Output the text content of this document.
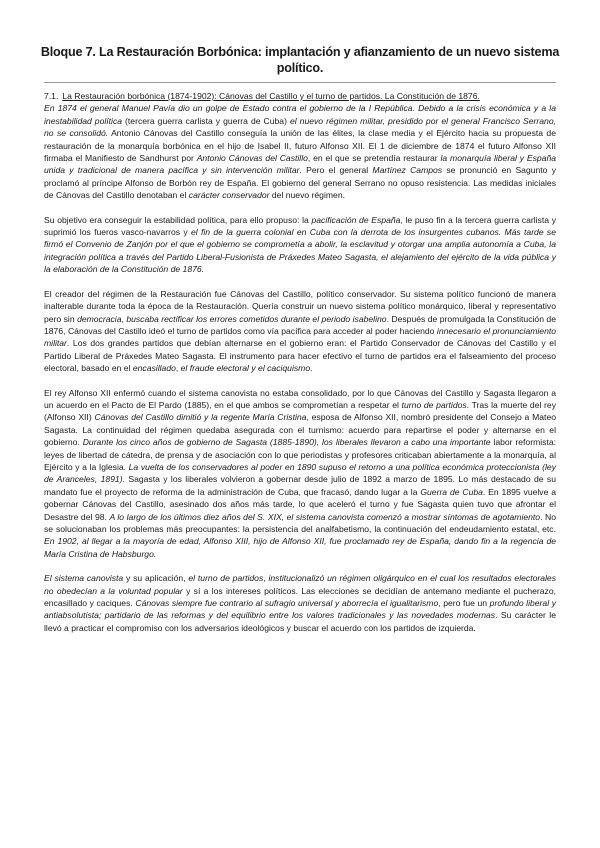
Bloque 7. La Restauración Borbónica: implantación y afianzamiento de un nuevo sistema político.

7.1. La Restauración borbónica (1874-1902): Cánovas del Castillo y el turno de partidos. La Constitución de 1876.

En 1874 el general Manuel Pavía dio un golpe de Estado contra el gobierno de la I República. Debido a la crisis económica y a la inestabilidad política (tercera guerra carlista y guerra de Cuba) el nuevo régimen militar, presidido por el general Francisco Serrano, no se consolidó. Antonio Cánovas del Castillo conseguía la unión de las élites, la clase media y el Ejército hacia su propuesta de restauración de la monarquía borbónica en el hijo de Isabel II, futuro Alfonso XII. El 1 de diciembre de 1874 el futuro Alfonso XII firmaba el Manifiesto de Sandhurst por Antonio Cánovas del Castillo, en el que se pretendía restaurar la monarquía liberal y España unida y tradicional de manera pacífica y sin intervención militar. Pero el general Martínez Campos se pronunció en Sagunto y proclamó al príncipe Alfonso de Borbón rey de España. El gobierno del general Serrano no opuso resistencia. Las medidas iniciales de Cánovas del Castillo denotaban el carácter conservador del nuevo régimen.

Su objetivo era conseguir la estabilidad política, para ello propuso: la pacificación de España, le puso fin a la tercera guerra carlista y suprimió los fueros vasco-navarros y el fin de la guerra colonial en Cuba con la derrota de los insurgentes cubanos. Más tarde se firmó el Convenio de Zanjón por el que el gobierno se comprometía a abolir, la esclavitud y otorgar una amplia autonomía a Cuba, la integración política a través del Partido Liberal-Fusionista de Práxedes Mateo Sagasta, el alejamiento del ejército de la vida pública y la elaboración de la Constitución de 1876.

El creador del régimen de la Restauración fue Cánovas del Castillo, político conservador. Su sistema político funcionó de manera inalterable durante toda la época de la Restauración. Quería construir un nuevo sistema político monárquico, liberal y representativo pero sin democracia, buscaba rectificar los errores cometidos durante el periodo isabelino. Después de promulgada la Constitución de 1876, Cánovas del Castillo ideó el turno de partidos como vía pacífica para acceder al poder haciendo innecesario el pronunciamiento militar. Los dos grandes partidos que debían alternarse en el gobierno eran: el Partido Conservador de Cánovas del Castillo y el Partido Liberal de Práxedes Mateo Sagasta. El instrumento para hacer efectivo el turno de partidos era el falseamiento del proceso electoral, basado en el encasillado, el fraude electoral y el caciquismo.

El rey Alfonso XII enfermó cuando el sistema canovista no estaba consolidado, por lo que Cánovas del Castillo y Sagasta llegaron a un acuerdo en el Pacto de El Pardo (1885), en el que ambos se comprometían a respetar el turno de partidos. Tras la muerte del rey (Alfonso XII) Cánovas del Castillo dimitió y la regente María Cristina, esposa de Alfonso XII, nombró presidente del Consejo a Mateo Sagasta. La continuidad del régimen quedaba asegurada con el turnismo: acuerdo para repartirse el poder y alternarse en el gobierno. Durante los cinco años de gobierno de Sagasta (1885-1890), los liberales llevaron a cabo una importante labor reformista: leyes de libertad de cátedra, de prensa y de asociación con lo que periodistas y profesores criticaban abiertamente a la monarquía, al Ejército y a la Iglesia. La vuelta de los conservadores al poder en 1890 supuso el retorno a una política económica proteccionista (ley de Aranceles, 1891). Sagasta y los liberales volvieron a gobernar desde julio de 1892 a marzo de 1895. Lo más destacado de su mandato fue el proyecto de reforma de la administración de Cuba, que fracasó, dando lugar a la Guerra de Cuba. En 1895 vuelve a gobernar Cánovas del Castillo, asesinado dos años más tarde, lo que aceleró el turno y fue Sagasta quien tuvo que afrontar el Desastre del 98. A lo largo de los últimos diez años del S. XIX, el sistema canovista comenzó a mostrar síntomas de agotamiento. No se solucionaban los problemas más preocupantes: la persistencia del analfabetismo, la continuación del endeudamiento estatal, etc. En 1902, al llegar a la mayoría de edad, Alfonso XIII, hijo de Alfonso XII, fue proclamado rey de España, dando fin a la regencia de María Cristina de Habsburgo.

El sistema canovista y su aplicación, el turno de partidos, institucionalizó un régimen oligárquico en el cual los resultados electorales no obedecían a la voluntad popular y sí a los intereses políticos. Las elecciones se decidían de antemano mediante el pucherazo, encasillado y caciques. Cánovas siempre fue contrario al sufragio universal y aborrecía el igualitarismo, pero fue un profundo liberal y antiabsolutista; partidario de las reformas y del equilibrio entre los valores tradicionales y las novedades modernas. Su carácter le llevó a practicar el compromiso con los adversarios ideológicos y buscar el acuerdo con los partidos de izquierda.
